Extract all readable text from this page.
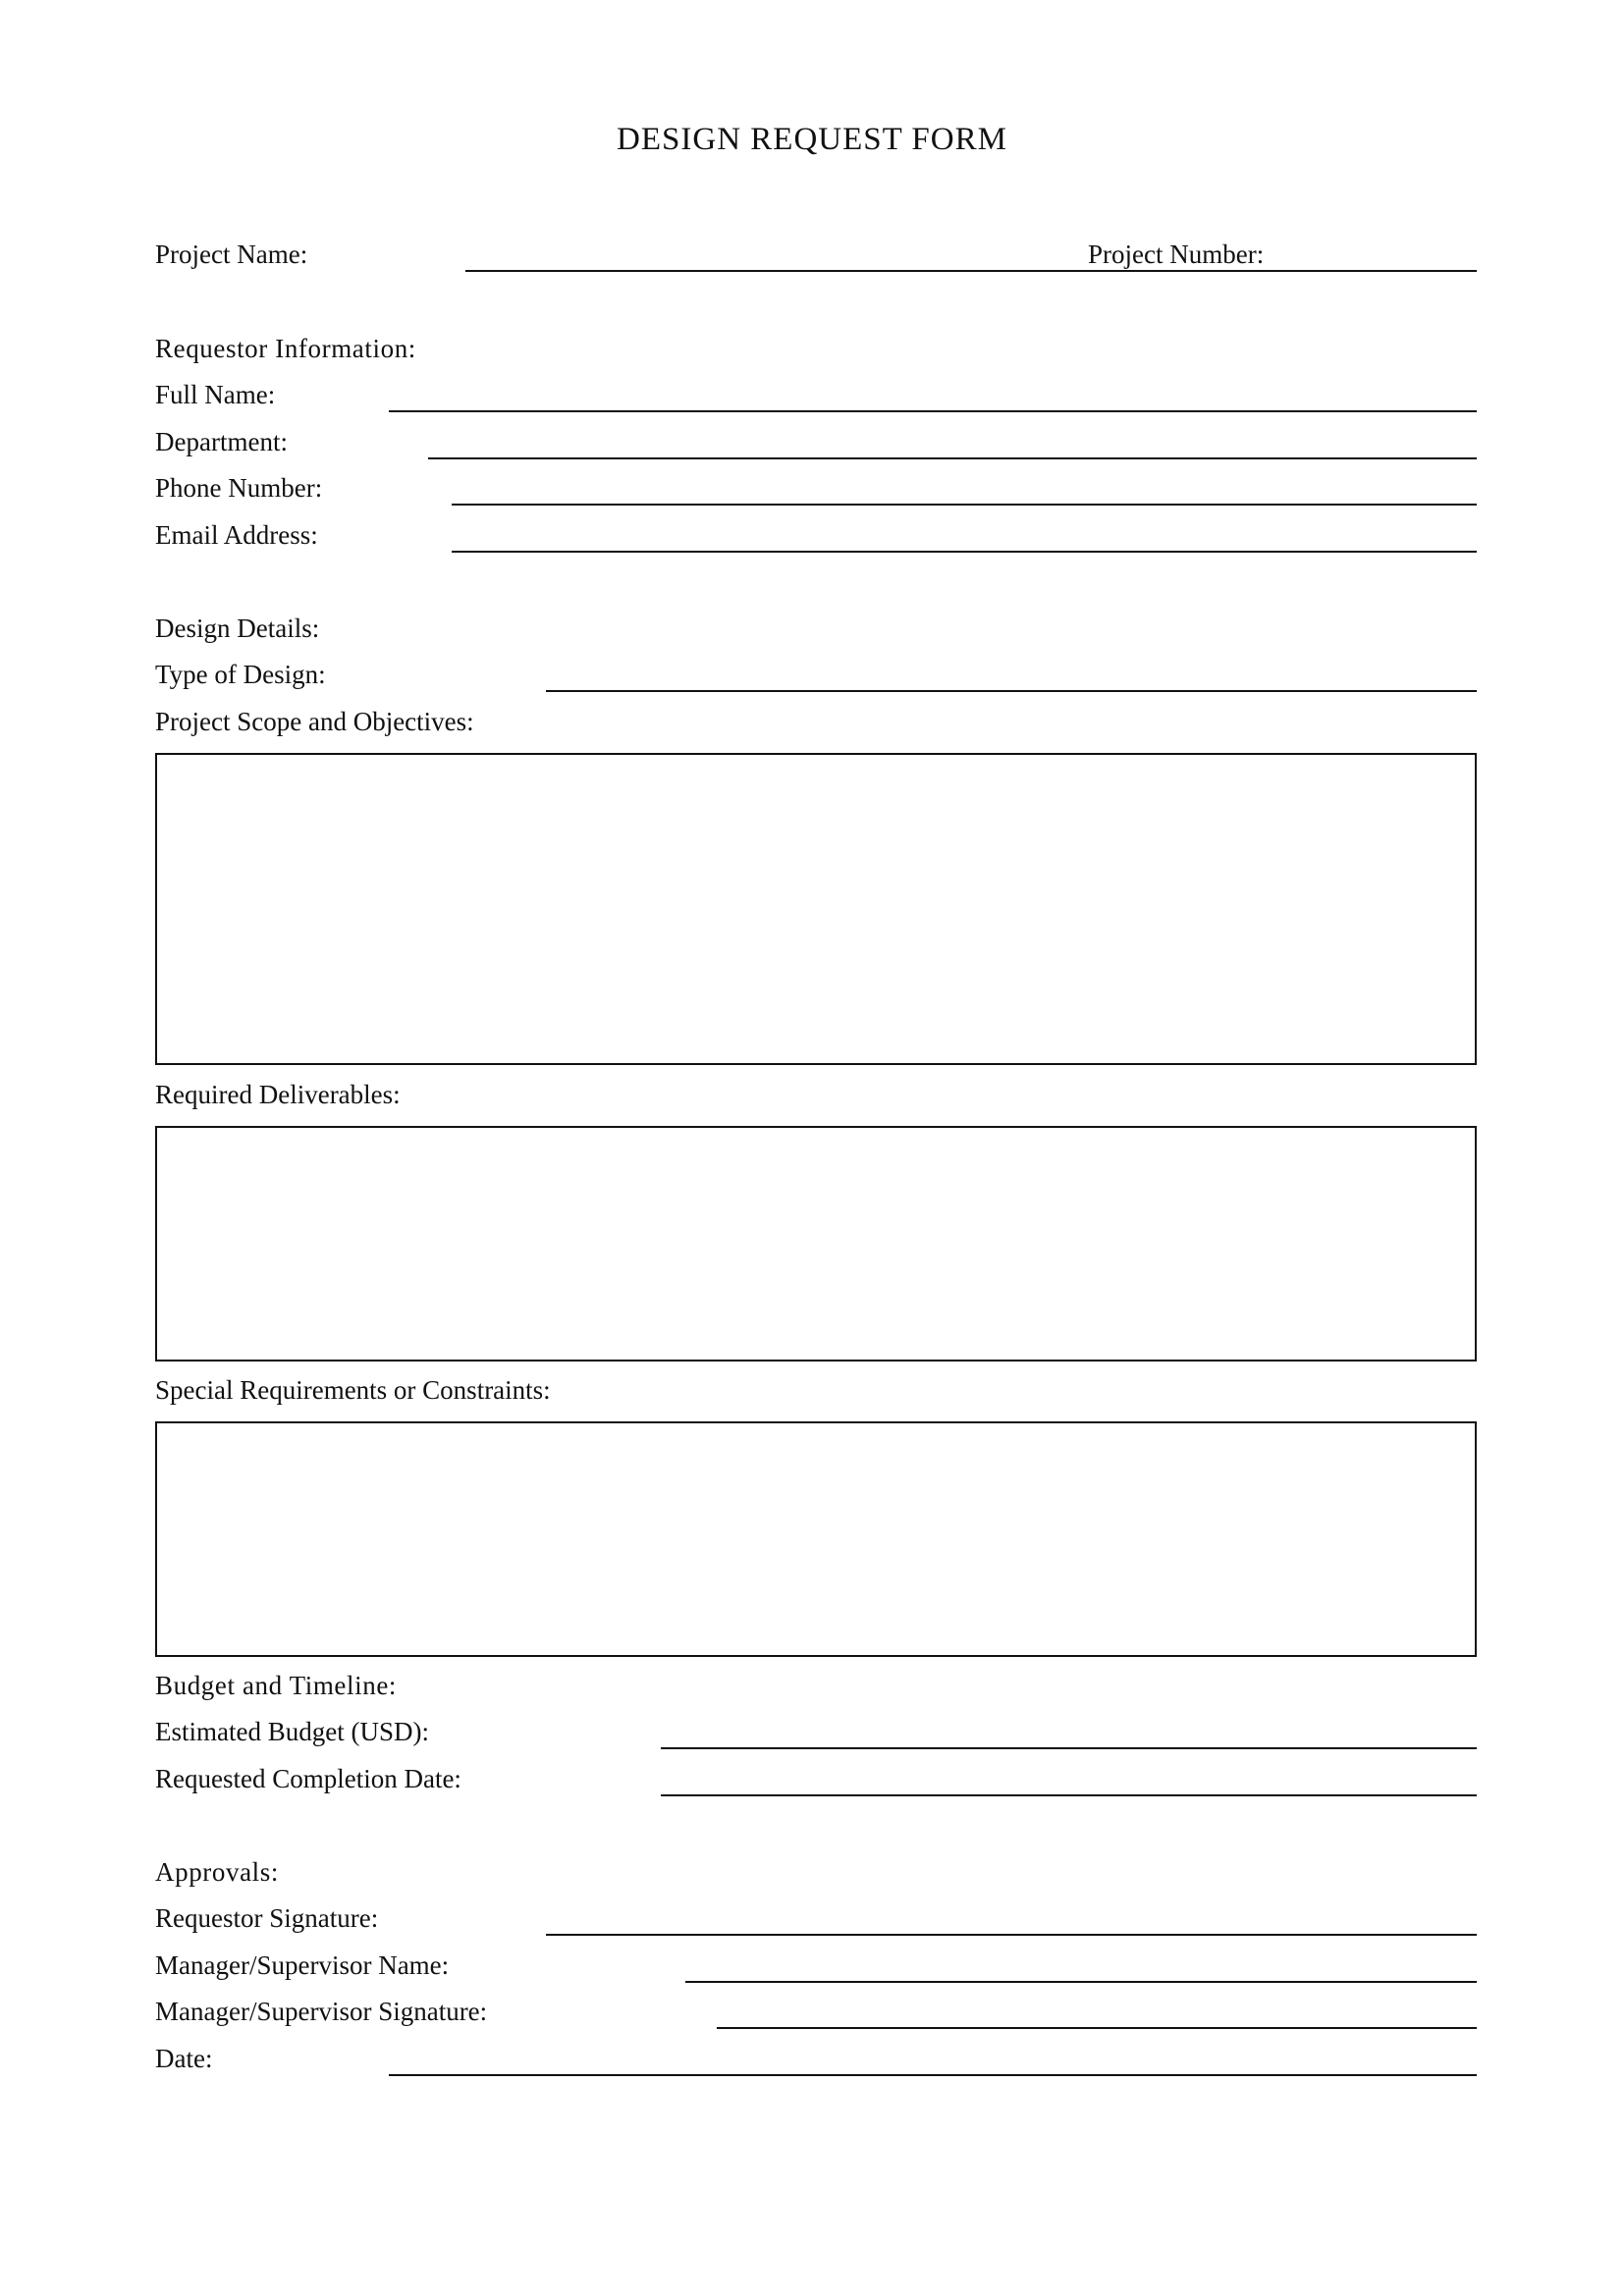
DESIGN REQUEST FORM
Project Name:	Project Number:
Requestor Information:
Full Name:
Department:
Phone Number:
Email Address:
Design Details:
Type of Design:
Project Scope and Objectives:
Required Deliverables:
Special Requirements or Constraints:
Budget and Timeline:
Estimated Budget (USD):
Requested Completion Date:
Approvals:
Requestor Signature:
Manager/Supervisor Name:
Manager/Supervisor Signature:
Date:
